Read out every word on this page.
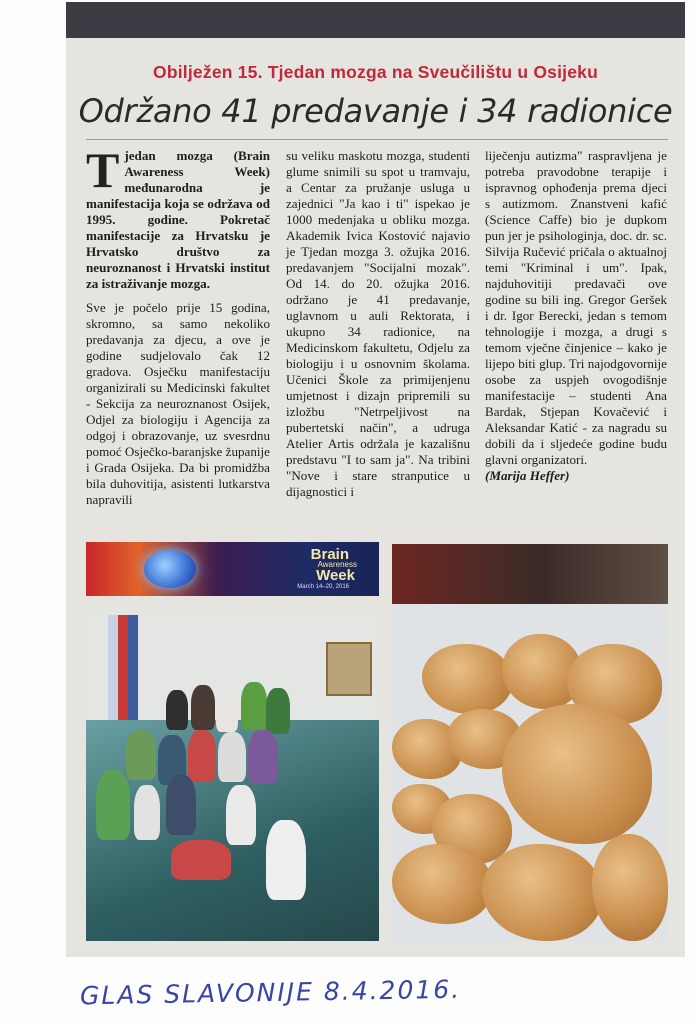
Obilježen 15. Tjedan mozga na Sveučilištu u Osijeku
Održano 41 predavanje i 34 radionice

Tjedan mozga (Brain Awareness Week) međunarodna je manifestacija koja se održava od 1995. godine. Pokretač manifestacije za Hrvatsku je Hrvatsko društvo za neuroznanost i Hrvatski institut za istraživanje mozga.

Sve je počelo prije 15 godina, skromno, sa samo nekoliko predavanja za djecu, a ove je godine sudjelovalo čak 12 gradova. Osječku manifestaciju organizirali su Medicinski fakultet - Sekcija za neuroznanost Osijek, Odjel za biologiju i Agencija za odgoj i obrazovanje, uz svesrdnu pomoć Osječko-baranjske županije i Grada Osijeka. Da bi promidžba bila duhovitija, asistenti lutkarstva napravili

su veliku maskotu mozga, studenti glume snimili su spot u tramvaju, a Centar za pružanje usluga u zajednici "Ja kao i ti" ispekao je 1000 medenjaka u obliku mozga. Akademik Ivica Kostović najavio je Tjedan mozga 3. ožujka 2016. predavanjem "Socijalni mozak". Od 14. do 20. ožujka 2016. održano je 41 predavanje, uglavnom u auli Rektorata, i ukupno 34 radionice, na Medicinskom fakultetu, Odjelu za biologiju i u osnovnim školama. Učenici Škole za primijenjenu umjetnost i dizajn pripremili su izložbu "Netrpeljivost na pubertetski način", a udruga Atelier Artis održala je kazališnu predstavu "I to sam ja". Na tribini "Nove i stare stranputice u dijagnostici i

liječenju autizma" raspravljena je potreba pravodobne terapije i ispravnog ophođenja prema djeci s autizmom. Znanstveni kafić (Science Caffe) bio je dupkom pun jer je psihologinja, doc. dr. sc. Silvija Ručević pričala o aktualnoj temi "Kriminal i um". Ipak, najduhovitiji predavači ove godine su bili ing. Gregor Geršek i dr. Igor Berecki, jedan s temom tehnologije i mozga, a drugi s temom vječne činjenice – kako je lijepo biti glup. Tri najodgovornije osobe za uspjeh ovogodišnje manifestacije – studenti Ana Bardak, Stjepan Kovačević i Aleksandar Katić - za nagradu su dobili da i sljedeće godine budu glavni organizatori.

(Marija Heffer)
Brain
Awareness
Week
March 14–20, 2016
GLAS SLAVONIJE 8.4.2016.
